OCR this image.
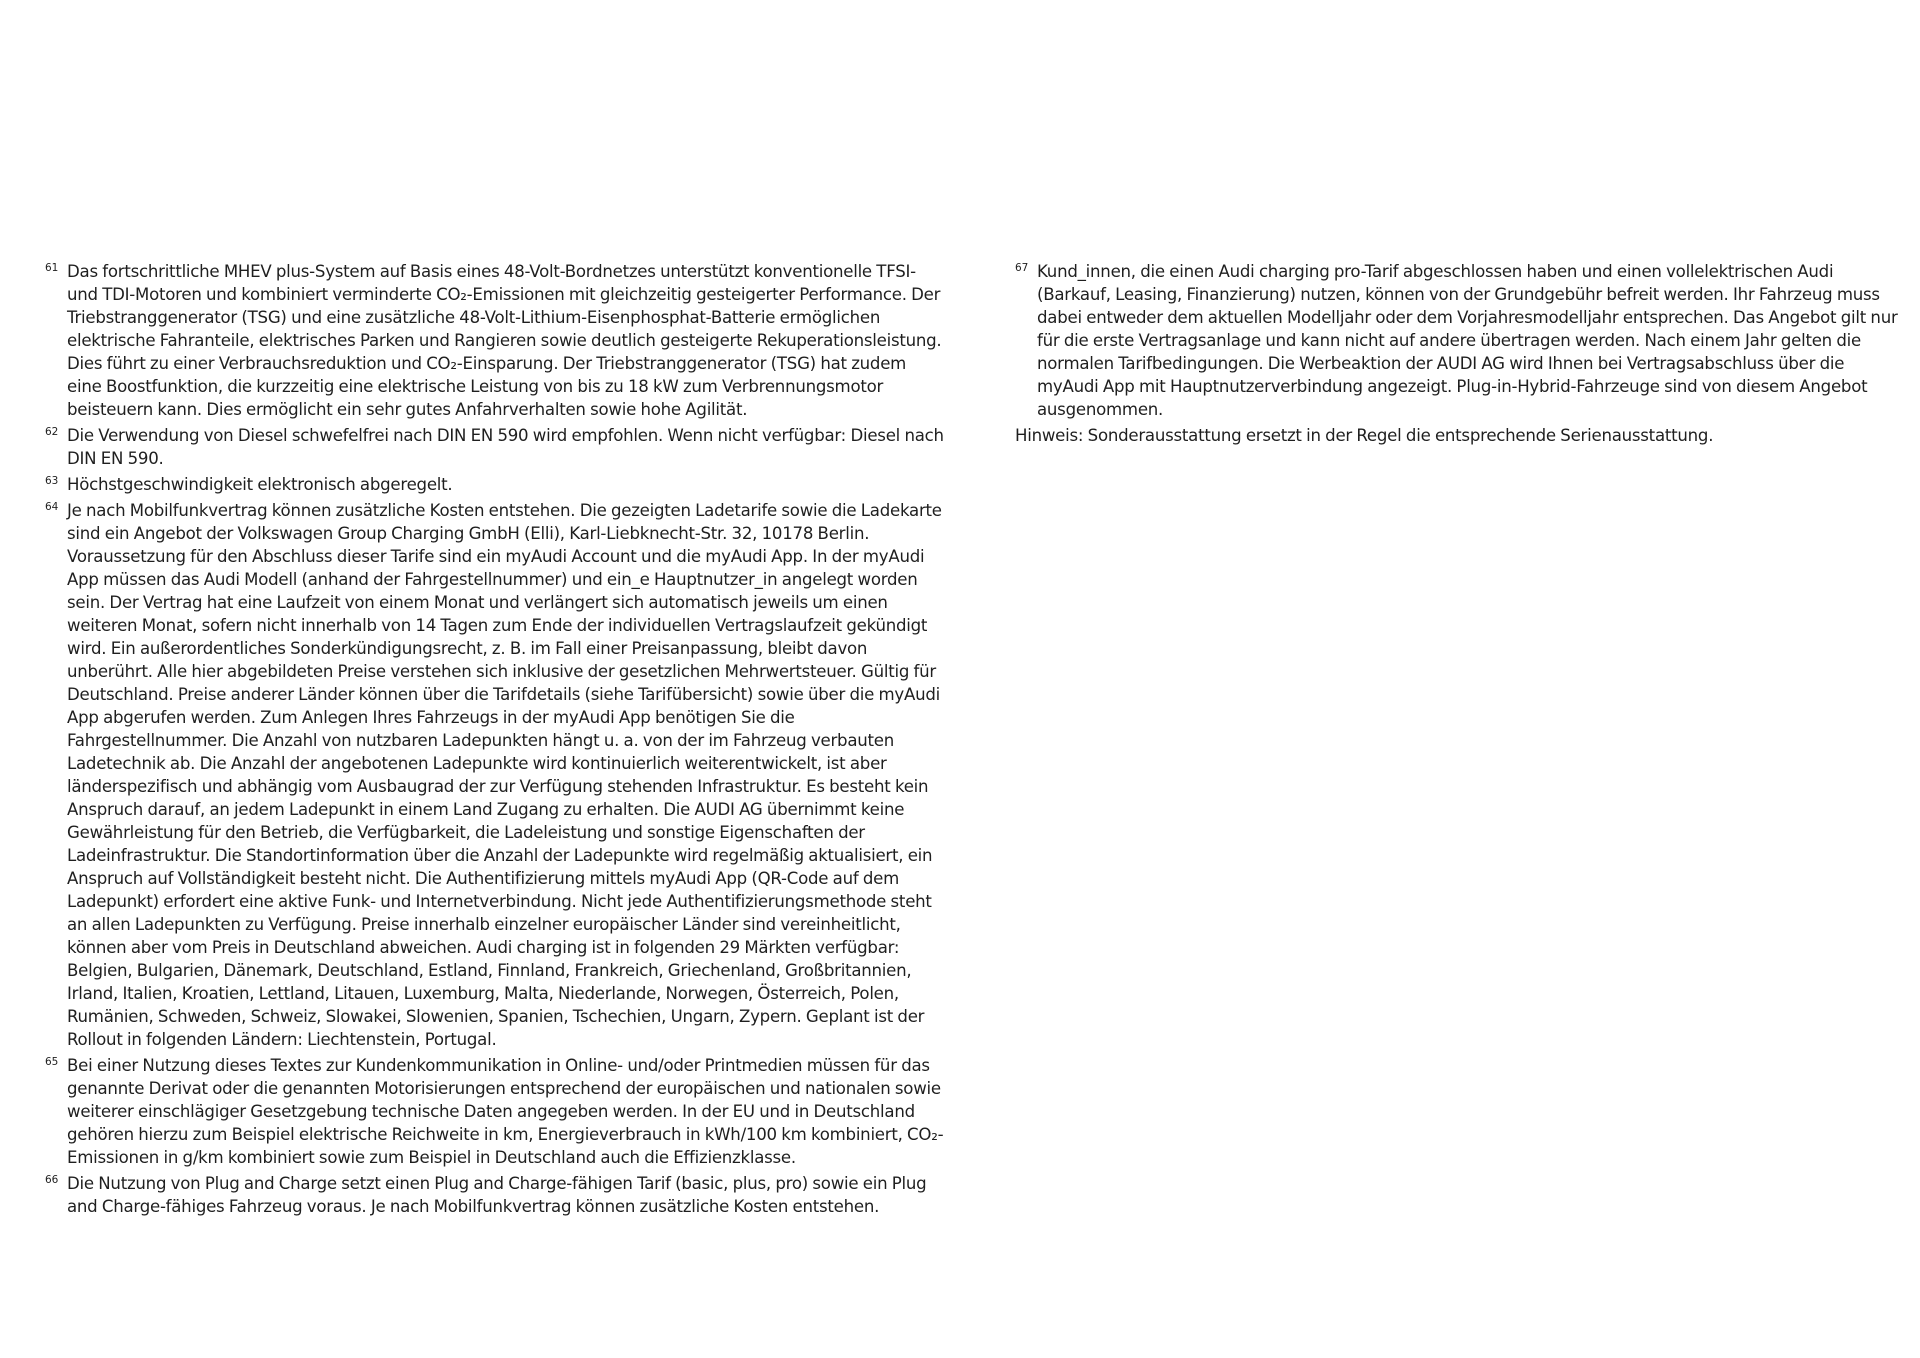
61 Das fortschrittliche MHEV plus-System auf Basis eines 48-Volt-Bordnetzes unterstützt konventionelle TFSI- und TDI-Motoren und kombiniert verminderte CO₂-Emissionen mit gleichzeitig gesteigerter Performance. Der Triebstranggenerator (TSG) und eine zusätzliche 48-Volt-Lithium-Eisenphosphat-Batterie ermöglichen elektrische Fahranteile, elektrisches Parken und Rangieren sowie deutlich gesteigerte Rekuperationsleistung. Dies führt zu einer Verbrauchsreduktion und CO₂-Einsparung. Der Triebstranggenerator (TSG) hat zudem eine Boostfunktion, die kurzzeitig eine elektrische Leistung von bis zu 18 kW zum Verbrennungsmotor beisteuern kann. Dies ermöglicht ein sehr gutes Anfahrverhalten sowie hohe Agilität.
62 Die Verwendung von Diesel schwefelfrei nach DIN EN 590 wird empfohlen. Wenn nicht verfügbar: Diesel nach DIN EN 590.
63 Höchstgeschwindigkeit elektronisch abgeregelt.
64 Je nach Mobilfunkvertrag können zusätzliche Kosten entstehen. Die gezeigten Ladetarife sowie die Ladekarte sind ein Angebot der Volkswagen Group Charging GmbH (Elli), Karl-Liebknecht-Str. 32, 10178 Berlin. Voraussetzung für den Abschluss dieser Tarife sind ein myAudi Account und die myAudi App. In der myAudi App müssen das Audi Modell (anhand der Fahrgestellnummer) und ein_e Hauptnutzer_in angelegt worden sein. Der Vertrag hat eine Laufzeit von einem Monat und verlängert sich automatisch jeweils um einen weiteren Monat, sofern nicht innerhalb von 14 Tagen zum Ende der individuellen Vertragslaufzeit gekündigt wird. Ein außerordentliches Sonderkündigungsrecht, z. B. im Fall einer Preisanpassung, bleibt davon unberührt. Alle hier abgebildeten Preise verstehen sich inklusive der gesetzlichen Mehrwertsteuer. Gültig für Deutschland. Preise anderer Länder können über die Tarifdetails (siehe Tarifübersicht) sowie über die myAudi App abgerufen werden. Zum Anlegen Ihres Fahrzeugs in der myAudi App benötigen Sie die Fahrgestellnummer. Die Anzahl von nutzbaren Ladepunkten hängt u. a. von der im Fahrzeug verbauten Ladetechnik ab. Die Anzahl der angebotenen Ladepunkte wird kontinuierlich weiterentwickelt, ist aber länderspezifisch und abhängig vom Ausbaugrad der zur Verfügung stehenden Infrastruktur. Es besteht kein Anspruch darauf, an jedem Ladepunkt in einem Land Zugang zu erhalten. Die AUDI AG übernimmt keine Gewährleistung für den Betrieb, die Verfügbarkeit, die Ladeleistung und sonstige Eigenschaften der Ladeinfrastruktur. Die Standortinformation über die Anzahl der Ladepunkte wird regelmäßig aktualisiert, ein Anspruch auf Vollständigkeit besteht nicht. Die Authentifizierung mittels myAudi App (QR-Code auf dem Ladepunkt) erfordert eine aktive Funk- und Internetverbindung. Nicht jede Authentifizierungsmethode steht an allen Ladepunkten zu Verfügung. Preise innerhalb einzelner europäischer Länder sind vereinheitlicht, können aber vom Preis in Deutschland abweichen. Audi charging ist in folgenden 29 Märkten verfügbar: Belgien, Bulgarien, Dänemark, Deutschland, Estland, Finnland, Frankreich, Griechenland, Großbritannien, Irland, Italien, Kroatien, Lettland, Litauen, Luxemburg, Malta, Niederlande, Norwegen, Österreich, Polen, Rumänien, Schweden, Schweiz, Slowakei, Slowenien, Spanien, Tschechien, Ungarn, Zypern. Geplant ist der Rollout in folgenden Ländern: Liechtenstein, Portugal.
65 Bei einer Nutzung dieses Textes zur Kundenkommunikation in Online- und/oder Printmedien müssen für das genannte Derivat oder die genannten Motorisierungen entsprechend der europäischen und nationalen sowie weiterer einschlägiger Gesetzgebung technische Daten angegeben werden. In der EU und in Deutschland gehören hierzu zum Beispiel elektrische Reichweite in km, Energieverbrauch in kWh/100 km kombiniert, CO₂-Emissionen in g/km kombiniert sowie zum Beispiel in Deutschland auch die Effizienzklasse.
66 Die Nutzung von Plug and Charge setzt einen Plug and Charge-fähigen Tarif (basic, plus, pro) sowie ein Plug and Charge-fähiges Fahrzeug voraus. Je nach Mobilfunkvertrag können zusätzliche Kosten entstehen.
67 Kund_innen, die einen Audi charging pro-Tarif abgeschlossen haben und einen vollelektrischen Audi (Barkauf, Leasing, Finanzierung) nutzen, können von der Grundgebühr befreit werden. Ihr Fahrzeug muss dabei entweder dem aktuellen Modelljahr oder dem Vorjahresmodelljahr entsprechen. Das Angebot gilt nur für die erste Vertragsanlage und kann nicht auf andere übertragen werden. Nach einem Jahr gelten die normalen Tarifbedingungen. Die Werbeaktion der AUDI AG wird Ihnen bei Vertragsabschluss über die myAudi App mit Hauptnutzerverbindung angezeigt. Plug-in-Hybrid-Fahrzeuge sind von diesem Angebot ausgenommen.
Hinweis: Sonderausstattung ersetzt in der Regel die entsprechende Serienausstattung.
